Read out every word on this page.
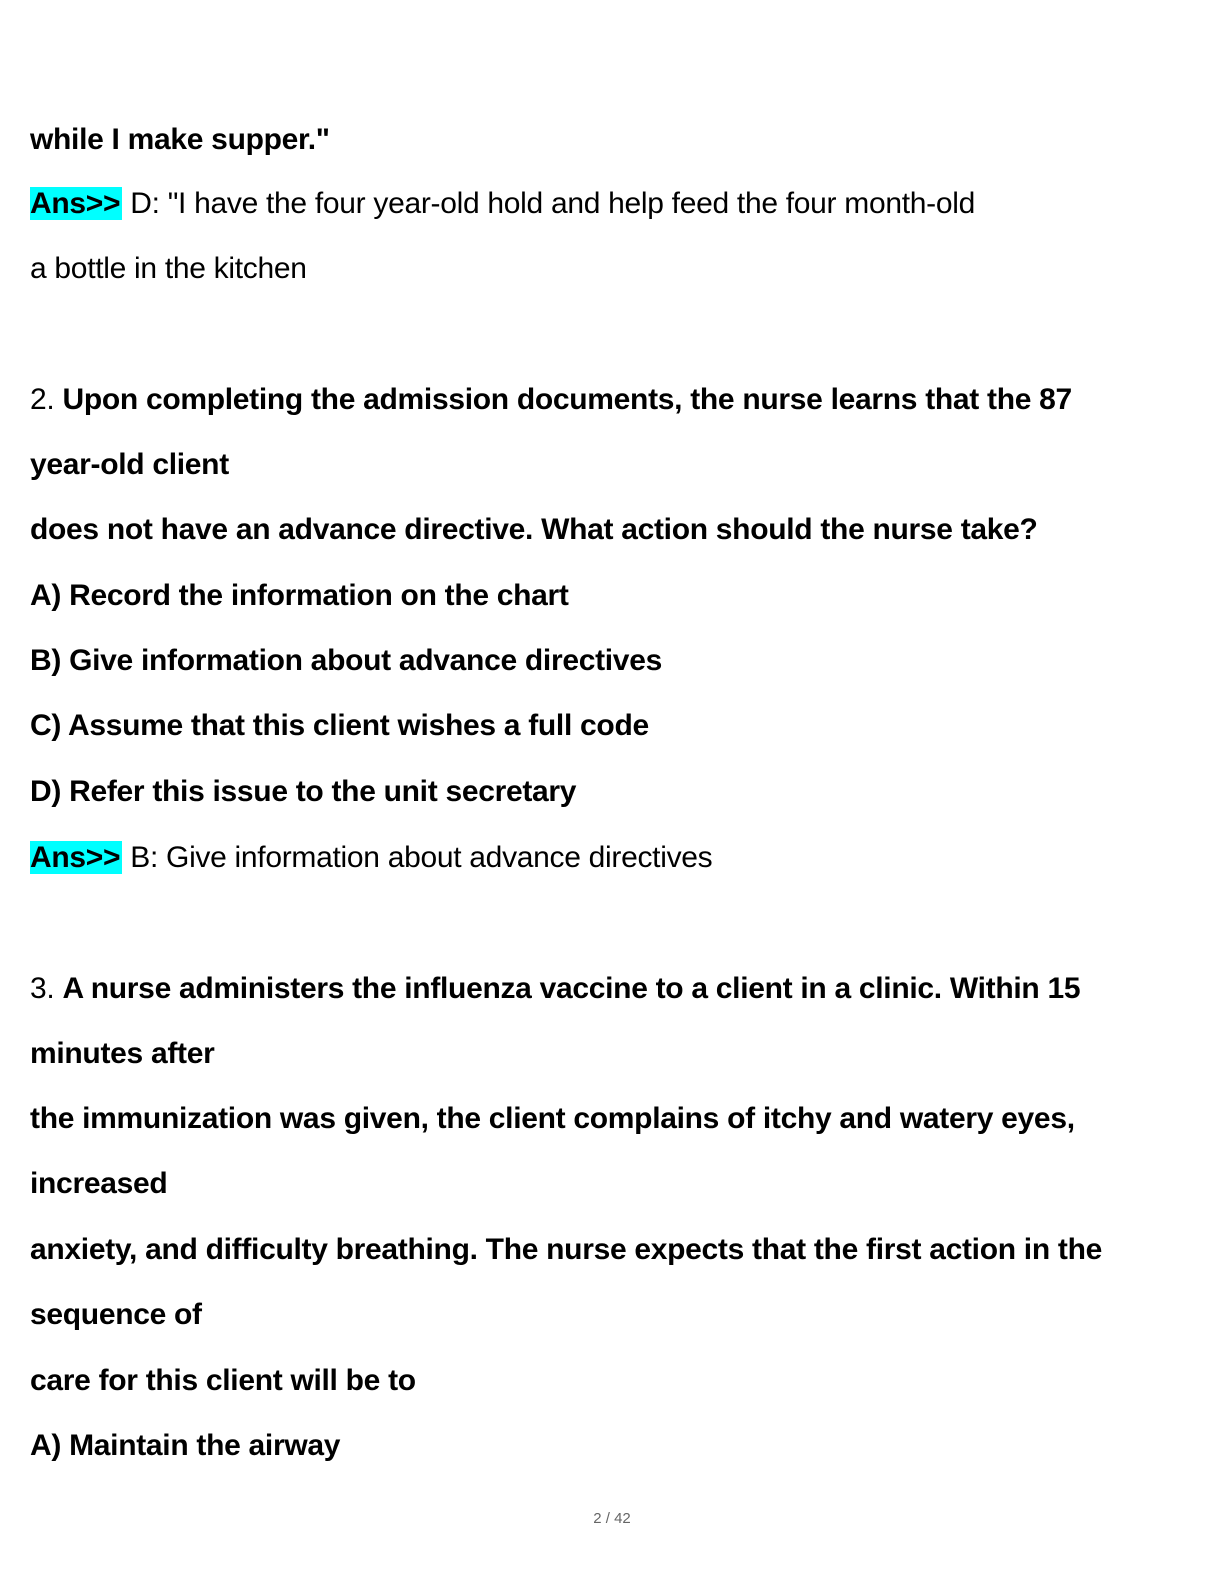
while I make supper."
Ans>> D: "I have the four year-old hold and help feed the four month-old
a bottle in the kitchen
2. Upon completing the admission documents, the nurse learns that the 87
year-old client
does not have an advance directive. What action should the nurse take?
A) Record the information on the chart
B) Give information about advance directives
C) Assume that this client wishes a full code
D) Refer this issue to the unit secretary
Ans>> B: Give information about advance directives
3. A nurse administers the influenza vaccine to a client in a clinic. Within 15
minutes after
the immunization was given, the client complains of itchy and watery eyes,
increased
anxiety, and difficulty breathing. The nurse expects that the first action in the
sequence of
care for this client will be to
A) Maintain the airway
2 / 42
